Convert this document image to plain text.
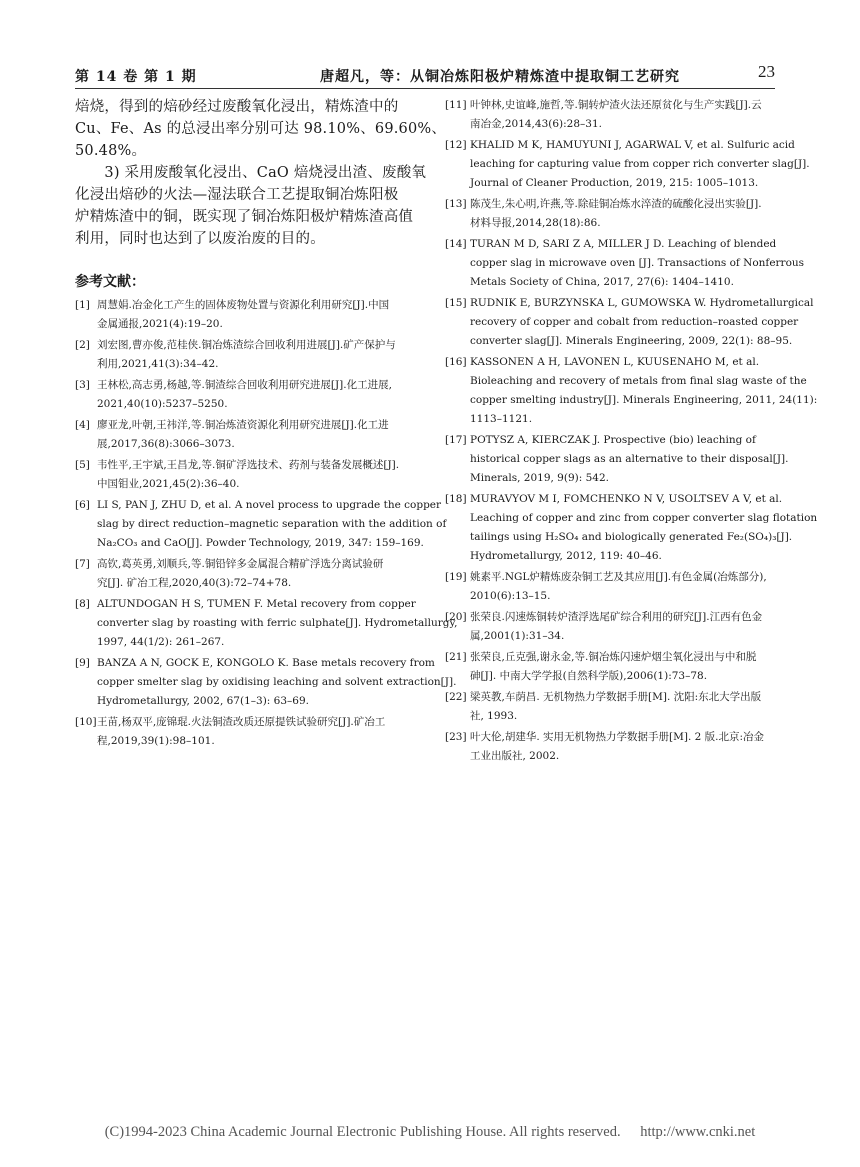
第 14 卷 第 1 期	唐超凡，等：从铜冶炼阳极炉精炼渣中提取铜工艺研究	23
焙烧，得到的焙砂经过废酸氧化浸出，精炼渣中的
Cu、Fe、As 的总浸出率分别可达 98.10%、69.60%、
50.48%。
　　3) 采用废酸氧化浸出、CaO 焙烧浸出渣、废酸氧
化浸出焙砂的火法—湿法联合工艺提取铜冶炼阳极
炉精炼渣中的铜，既实现了铜冶炼阳极炉精炼渣高值
利用，同时也达到了以废治废的目的。
参考文献：
[1] 周慧娟.冶金化工产生的固体废物处置与资源化利用研究[J].中国
金属通报,2021(4):19–20.
[2] 刘宏图,曹亦俊,范桂侠.铜冶炼渣综合回收利用进展[J].矿产保护与
利用,2021,41(3):34–42.
[3] 王林松,高志勇,杨越,等.铜渣综合回收利用研究进展[J].化工进展,
2021,40(10):5237–5250.
[4] 廖亚龙,叶朝,王祎洋,等.铜冶炼渣资源化利用研究进展[J].化工进
展,2017,36(8):3066–3073.
[5] 韦性平,王宇斌,王昌龙,等.铜矿浮选技术、药剂与装备发展概述[J].
中国钼业,2021,45(2):36–40.
[6] LI S, PAN J, ZHU D, et al. A novel process to upgrade the copper
slag by direct reduction–magnetic separation with the addition of
Na₂CO₃ and CaO[J]. Powder Technology, 2019, 347: 159–169.
[7] 高钦,葛英勇,刘顺兵,等.铜铅锌多金属混合精矿浮选分离试验研
究[J]. 矿冶工程,2020,40(3):72–74+78.
[8] ALTUNDOGAN H S, TUMEN F. Metal recovery from copper
converter slag by roasting with ferric sulphate[J]. Hydrometallurgy,
1997, 44(1/2): 261–267.
[9] BANZA A N, GOCK E, KONGOLO K. Base metals recovery from
copper smelter slag by oxidising leaching and solvent extraction[J].
Hydrometallurgy, 2002, 67(1–3): 63–69.
[10] 王苗,杨双平,庞锦琨.火法铜渣改质还原提铁试验研究[J].矿冶工
程,2019,39(1):98–101.
[11] 叶钟林,史谊峰,施哲,等.铜转炉渣火法还原贫化与生产实践[J].云
南冶金,2014,43(6):28–31.
[12] KHALID M K, HAMUYUNI J, AGARWAL V, et al. Sulfuric acid
leaching for capturing value from copper rich converter slag[J].
Journal of Cleaner Production, 2019, 215: 1005–1013.
[13] 陈茂生,朱心明,许燕,等.除硅铜冶炼水淬渣的硫酸化浸出实验[J].
材料导报,2014,28(18):86.
[14] TURAN M D, SARI Z A, MILLER J D. Leaching of blended
copper slag in microwave oven [J]. Transactions of Nonferrous
Metals Society of China, 2017, 27(6): 1404–1410.
[15] RUDNIK E, BURZYNSKA L, GUMOWSKA W. Hydrometallurgical
recovery of copper and cobalt from reduction–roasted copper
converter slag[J]. Minerals Engineering, 2009, 22(1): 88–95.
[16] KASSONEN A H, LAVONEN L, KUUSENAHO M, et al.
Bioleaching and recovery of metals from final slag waste of the
copper smelting industry[J]. Minerals Engineering, 2011, 24(11):
1113–1121.
[17] POTYSZ A, KIERCZAK J. Prospective (bio) leaching of
historical copper slags as an alternative to their disposal[J].
Minerals, 2019, 9(9): 542.
[18] MURAVYOV M I, FOMCHENKO N V, USOLTSEV A V, et al.
Leaching of copper and zinc from copper converter slag flotation
tailings using H₂SO₄ and biologically generated Fe₂(SO₄)₃[J].
Hydrometallurgy, 2012, 119: 40–46.
[19] 姚素平.NGL炉精炼废杂铜工艺及其应用[J].有色金属(冶炼部分),
2010(6):13–15.
[20] 张荣良.闪速炼铜转炉渣浮选尾矿综合利用的研究[J].江西有色金
属,2001(1):31–34.
[21] 张荣良,丘克强,谢永金,等.铜冶炼闪速炉烟尘氧化浸出与中和脱
砷[J]. 中南大学学报(自然科学版),2006(1):73–78.
[22] 梁英教,车荫昌. 无机物热力学数据手册[M]. 沈阳:东北大学出版
社, 1993.
[23] 叶大伦,胡建华. 实用无机物热力学数据手册[M]. 2 版.北京:冶金
工业出版社, 2002.
(C)1994-2023 China Academic Journal Electronic Publishing House. All rights reserved. http://www.cnki.net
